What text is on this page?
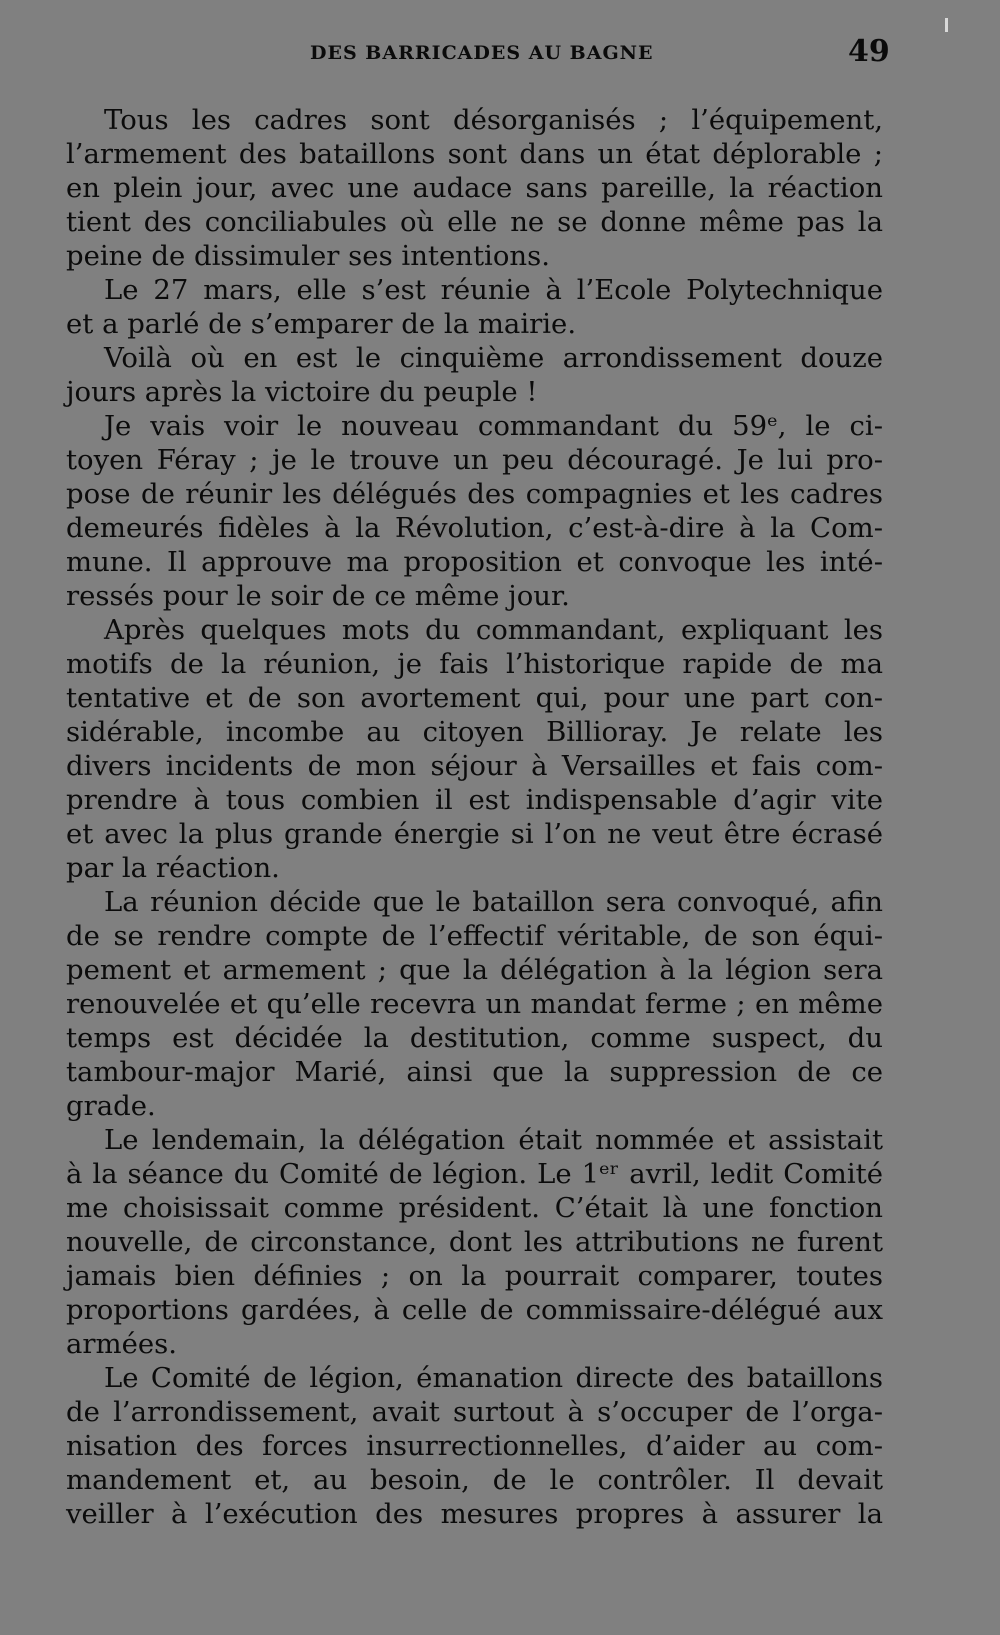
DES BARRICADES AU BAGNE	49
Tous les cadres sont désorganisés ; l’équipement,
l’armement des bataillons sont dans un état déplorable ;
en plein jour, avec une audace sans pareille, la réaction
tient des conciliabules où elle ne se donne même pas la
peine de dissimuler ses intentions.
Le 27 mars, elle s’est réunie à l’Ecole Polytechnique
et a parlé de s’emparer de la mairie.
Voilà où en est le cinquième arrondissement douze
jours après la victoire du peuple !
Je vais voir le nouveau commandant du 59ᵉ, le ci-
toyen Féray ; je le trouve un peu découragé. Je lui pro-
pose de réunir les délégués des compagnies et les cadres
demeurés fidèles à la Révolution, c’est-à-dire à la Com-
mune. Il approuve ma proposition et convoque les inté-
ressés pour le soir de ce même jour.
Après quelques mots du commandant, expliquant les
motifs de la réunion, je fais l’historique rapide de ma
tentative et de son avortement qui, pour une part con-
sidérable, incombe au citoyen Billioray. Je relate les
divers incidents de mon séjour à Versailles et fais com-
prendre à tous combien il est indispensable d’agir vite
et avec la plus grande énergie si l’on ne veut être écrasé
par la réaction.
La réunion décide que le bataillon sera convoqué, afin
de se rendre compte de l’effectif véritable, de son équi-
pement et armement ; que la délégation à la légion sera
renouvelée et qu’elle recevra un mandat ferme ; en même
temps est décidée la destitution, comme suspect, du
tambour-major Marié, ainsi que la suppression de ce
grade.
Le lendemain, la délégation était nommée et assistait
à la séance du Comité de légion. Le 1ᵉʳ avril, ledit Comité
me choisissait comme président. C’était là une fonction
nouvelle, de circonstance, dont les attributions ne furent
jamais bien définies ; on la pourrait comparer, toutes
proportions gardées, à celle de commissaire-délégué aux
armées.
Le Comité de légion, émanation directe des bataillons
de l’arrondissement, avait surtout à s’occuper de l’orga-
nisation des forces insurrectionnelles, d’aider au com-
mandement et, au besoin, de le contrôler. Il devait
veiller à l’exécution des mesures propres à assurer la
